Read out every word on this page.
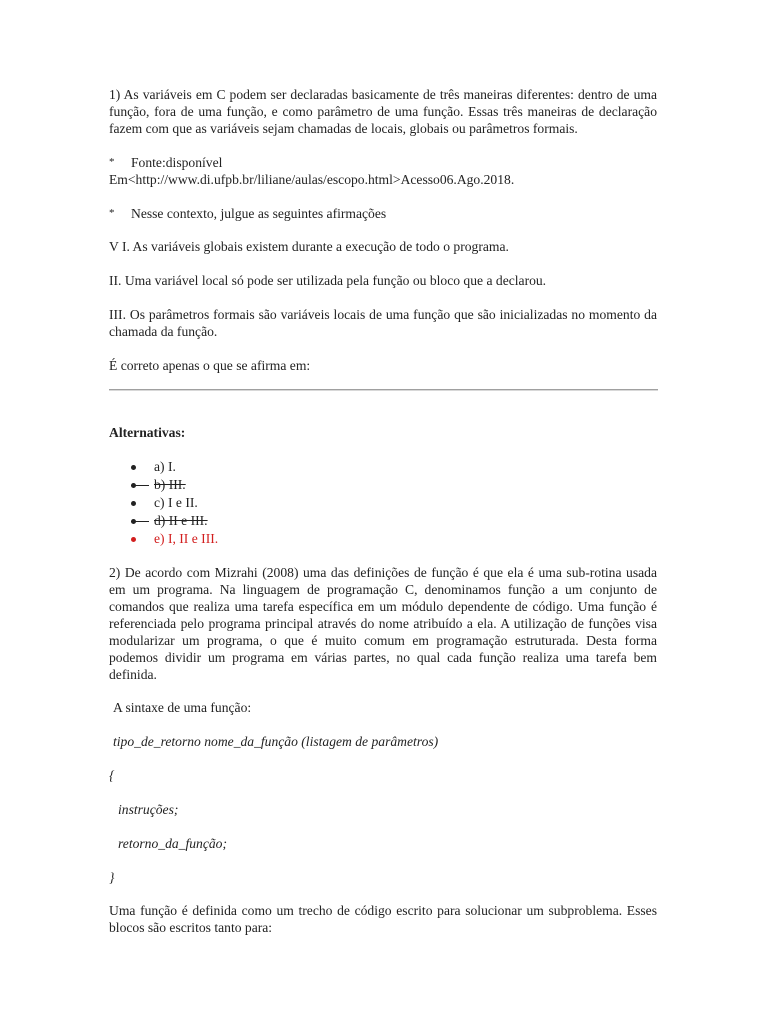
1) As variáveis em C podem ser declaradas basicamente de três maneiras diferentes: dentro de uma função, fora de uma função, e como parâmetro de uma função. Essas três maneiras de declaração fazem com que as variáveis sejam chamadas de locais, globais ou parâmetros formais.

* Fonte:disponível
Em<http://www.di.ufpb.br/liliane/aulas/escopo.html>Acesso06.Ago.2018.
* Nesse contexto, julgue as seguintes afirmações

V I. As variáveis globais existem durante a execução de todo o programa.

II. Uma variável local só pode ser utilizada pela função ou bloco que a declarou.

III. Os parâmetros formais são variáveis locais de uma função que são inicializadas no momento da chamada da função.

É correto apenas o que se afirma em:

Alternativas:
a) I.
b) III.
c) I e II.
d) II e III.
e) I, II e III.

2) De acordo com Mizrahi (2008) uma das definições de função é que ela é uma sub-rotina usada em um programa. Na linguagem de programação C, denominamos função a um conjunto de comandos que realiza uma tarefa específica em um módulo dependente de código. Uma função é referenciada pelo programa principal através do nome atribuído a ela. A utilização de funções visa modularizar um programa, o que é muito comum em programação estruturada. Desta forma podemos dividir um programa em várias partes, no qual cada função realiza uma tarefa bem definida.

A sintaxe de uma função:

tipo_de_retorno nome_da_função (listagem de parâmetros)

{

instruções;

retorno_da_função;

}

Uma função é definida como um trecho de código escrito para solucionar um subproblema. Esses blocos são escritos tanto para:
